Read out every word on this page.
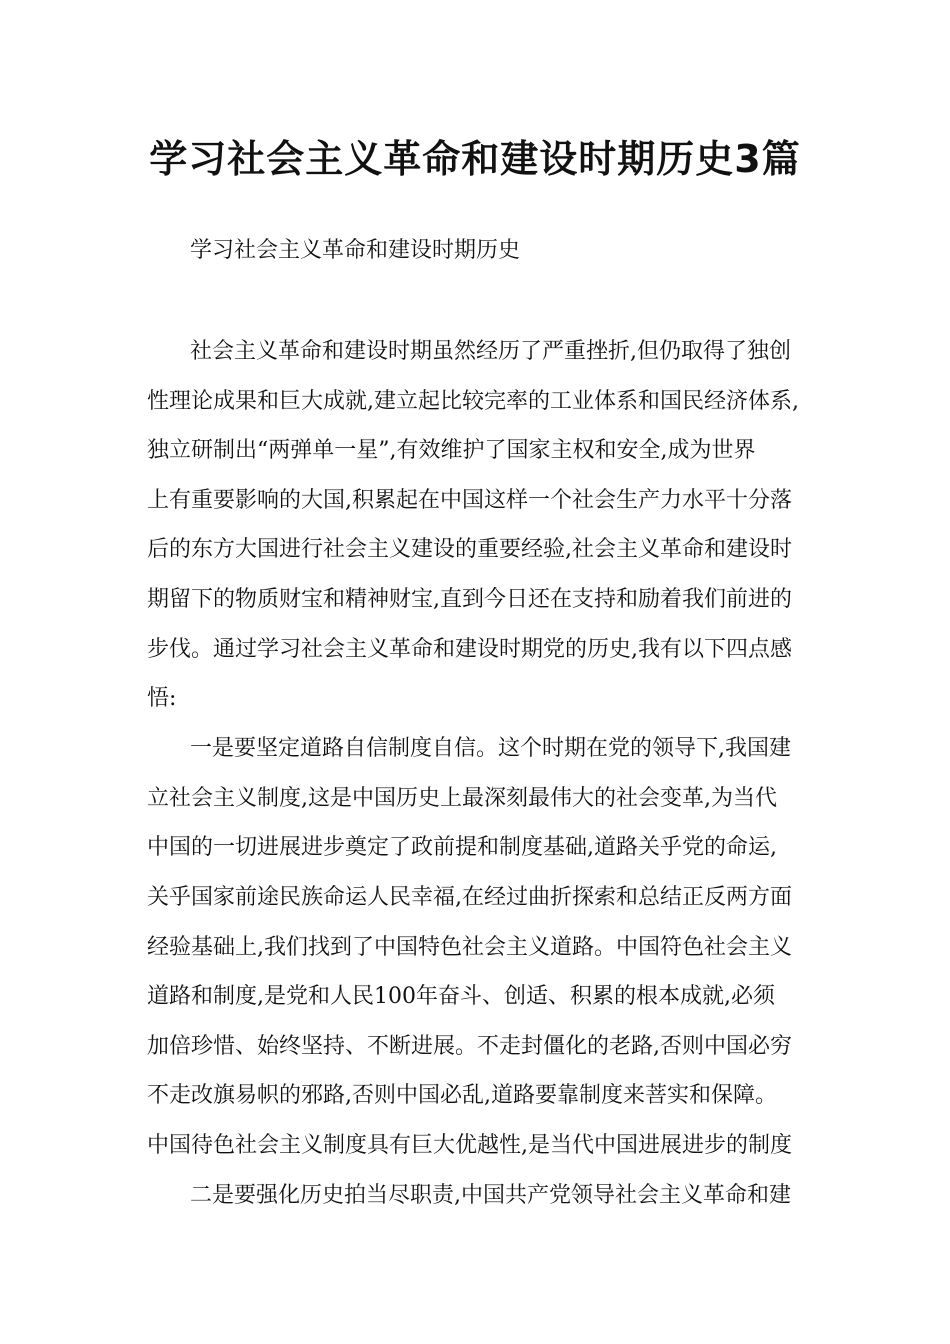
学习社会主义革命和建设时期历史3篇
学习社会主义革命和建设时期历史
社会主义革命和建设时期虽然经历了严重挫折,但仍取得了独创
性理论成果和巨大成就,建立起比较完率的工业体系和国民经济体系,
独立研制出“两弹单一星”,有效维护了国家主权和安全,成为世界
上有重要影响的大国,积累起在中国这样一个社会生产力水平十分落
后的东方大国进行社会主义建设的重要经验,社会主义革命和建设时
期留下的物质财宝和精神财宝,直到今日还在支持和励着我们前进的
步伐。通过学习社会主义革命和建设时期党的历史,我有以下四点感
悟:
一是要坚定道路自信制度自信。这个时期在党的领导下,我国建
立社会主义制度,这是中国历史上最深刻最伟大的社会变革,为当代
中国的一切进展进步奠定了政前提和制度基础,道路关乎党的命运,
关乎国家前途民族命运人民幸福,在经过曲折探索和总结正反两方面
经验基础上,我们找到了中国特色社会主义道路。中国符色社会主义
道路和制度,是党和人民100年奋斗、创适、积累的根本成就,必须
加倍珍惜、始终坚持、不断进展。不走封僵化的老路,否则中国必穷
不走改旗易帜的邪路,否则中国必乱,道路要靠制度来菩实和保障。
中国待色社会主义制度具有巨大优越性,是当代中国进展进步的制度
二是要强化历史拍当尽职责,中国共产党领导社会主义革命和建
